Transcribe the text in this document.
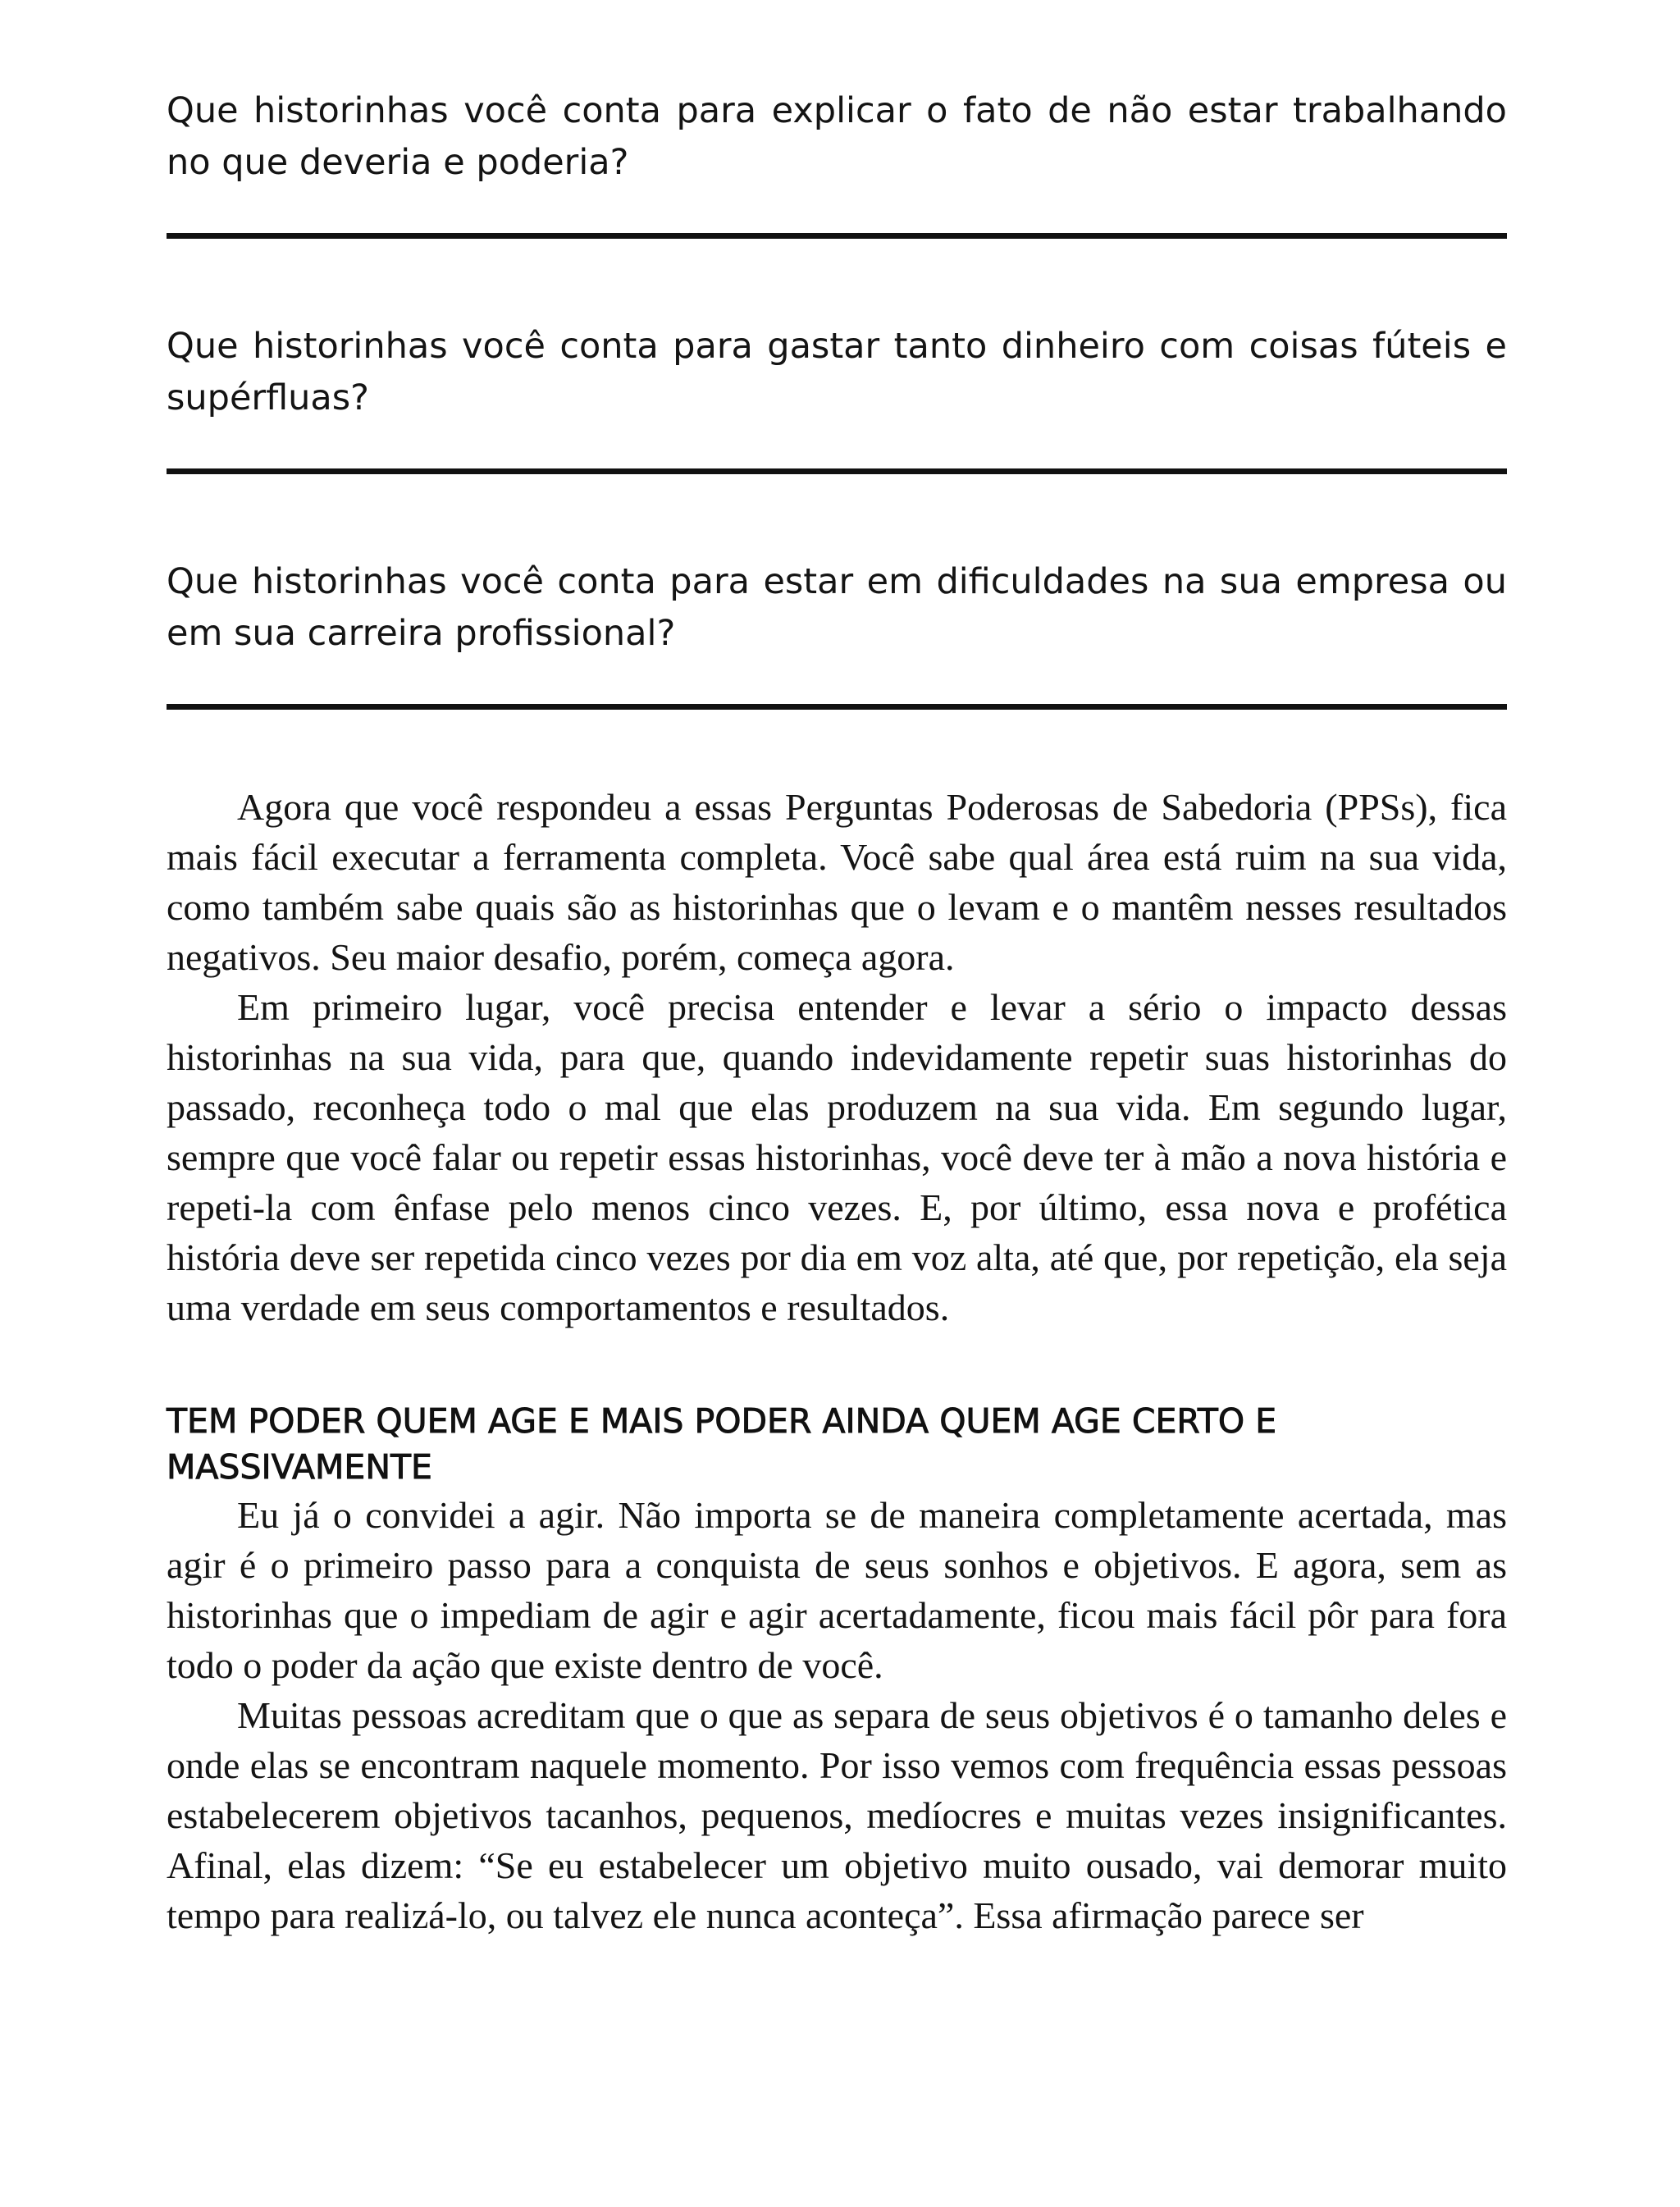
Que historinhas você conta para explicar o fato de não estar trabalhando no que deveria e poderia?

Que historinhas você conta para gastar tanto dinheiro com coisas fúteis e supérfluas?

Que historinhas você conta para estar em dificuldades na sua empresa ou em sua carreira profissional?

Agora que você respondeu a essas Perguntas Poderosas de Sabedoria (PPSs), fica mais fácil executar a ferramenta completa. Você sabe qual área está ruim na sua vida, como também sabe quais são as historinhas que o levam e o mantêm nesses resultados negativos. Seu maior desafio, porém, começa agora.

Em primeiro lugar, você precisa entender e levar a sério o impacto dessas historinhas na sua vida, para que, quando indevidamente repetir suas historinhas do passado, reconheça todo o mal que elas produzem na sua vida. Em segundo lugar, sempre que você falar ou repetir essas historinhas, você deve ter à mão a nova história e repeti-la com ênfase pelo menos cinco vezes. E, por último, essa nova e profética história deve ser repetida cinco vezes por dia em voz alta, até que, por repetição, ela seja uma verdade em seus comportamentos e resultados.

TEM PODER QUEM AGE E MAIS PODER AINDA QUEM AGE CERTO E MASSIVAMENTE

Eu já o convidei a agir. Não importa se de maneira completamente acertada, mas agir é o primeiro passo para a conquista de seus sonhos e objetivos. E agora, sem as historinhas que o impediam de agir e agir acertadamente, ficou mais fácil pôr para fora todo o poder da ação que existe dentro de você.

Muitas pessoas acreditam que o que as separa de seus objetivos é o tamanho deles e onde elas se encontram naquele momento. Por isso vemos com frequência essas pessoas estabelecerem objetivos tacanhos, pequenos, medíocres e muitas vezes insignificantes. Afinal, elas dizem: “Se eu estabelecer um objetivo muito ousado, vai demorar muito tempo para realizá-lo, ou talvez ele nunca aconteça”. Essa afirmação parece ser
